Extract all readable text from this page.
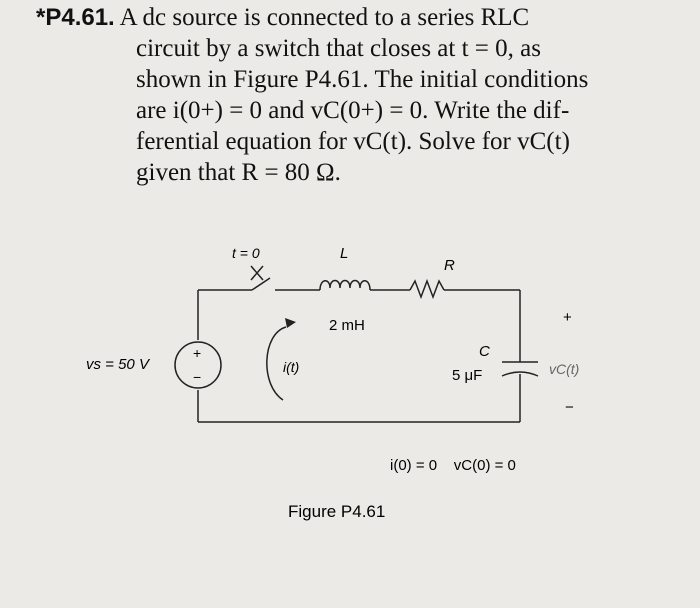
*P4.61. A dc source is connected to a series RLC
circuit by a switch that closes at t = 0, as
shown in Figure P4.61. The initial conditions
are i(0+) = 0 and vC(0+) = 0. Write the dif-
ferential equation for vC(t). Solve for vC(t)
given that R = 80 Ω.
t = 0	L
2 mH
R
vs = 50 V
+
−
i(t)
C
5 μF
+
vC(t)
−
i(0) = 0    vC(0) = 0
Figure P4.61
